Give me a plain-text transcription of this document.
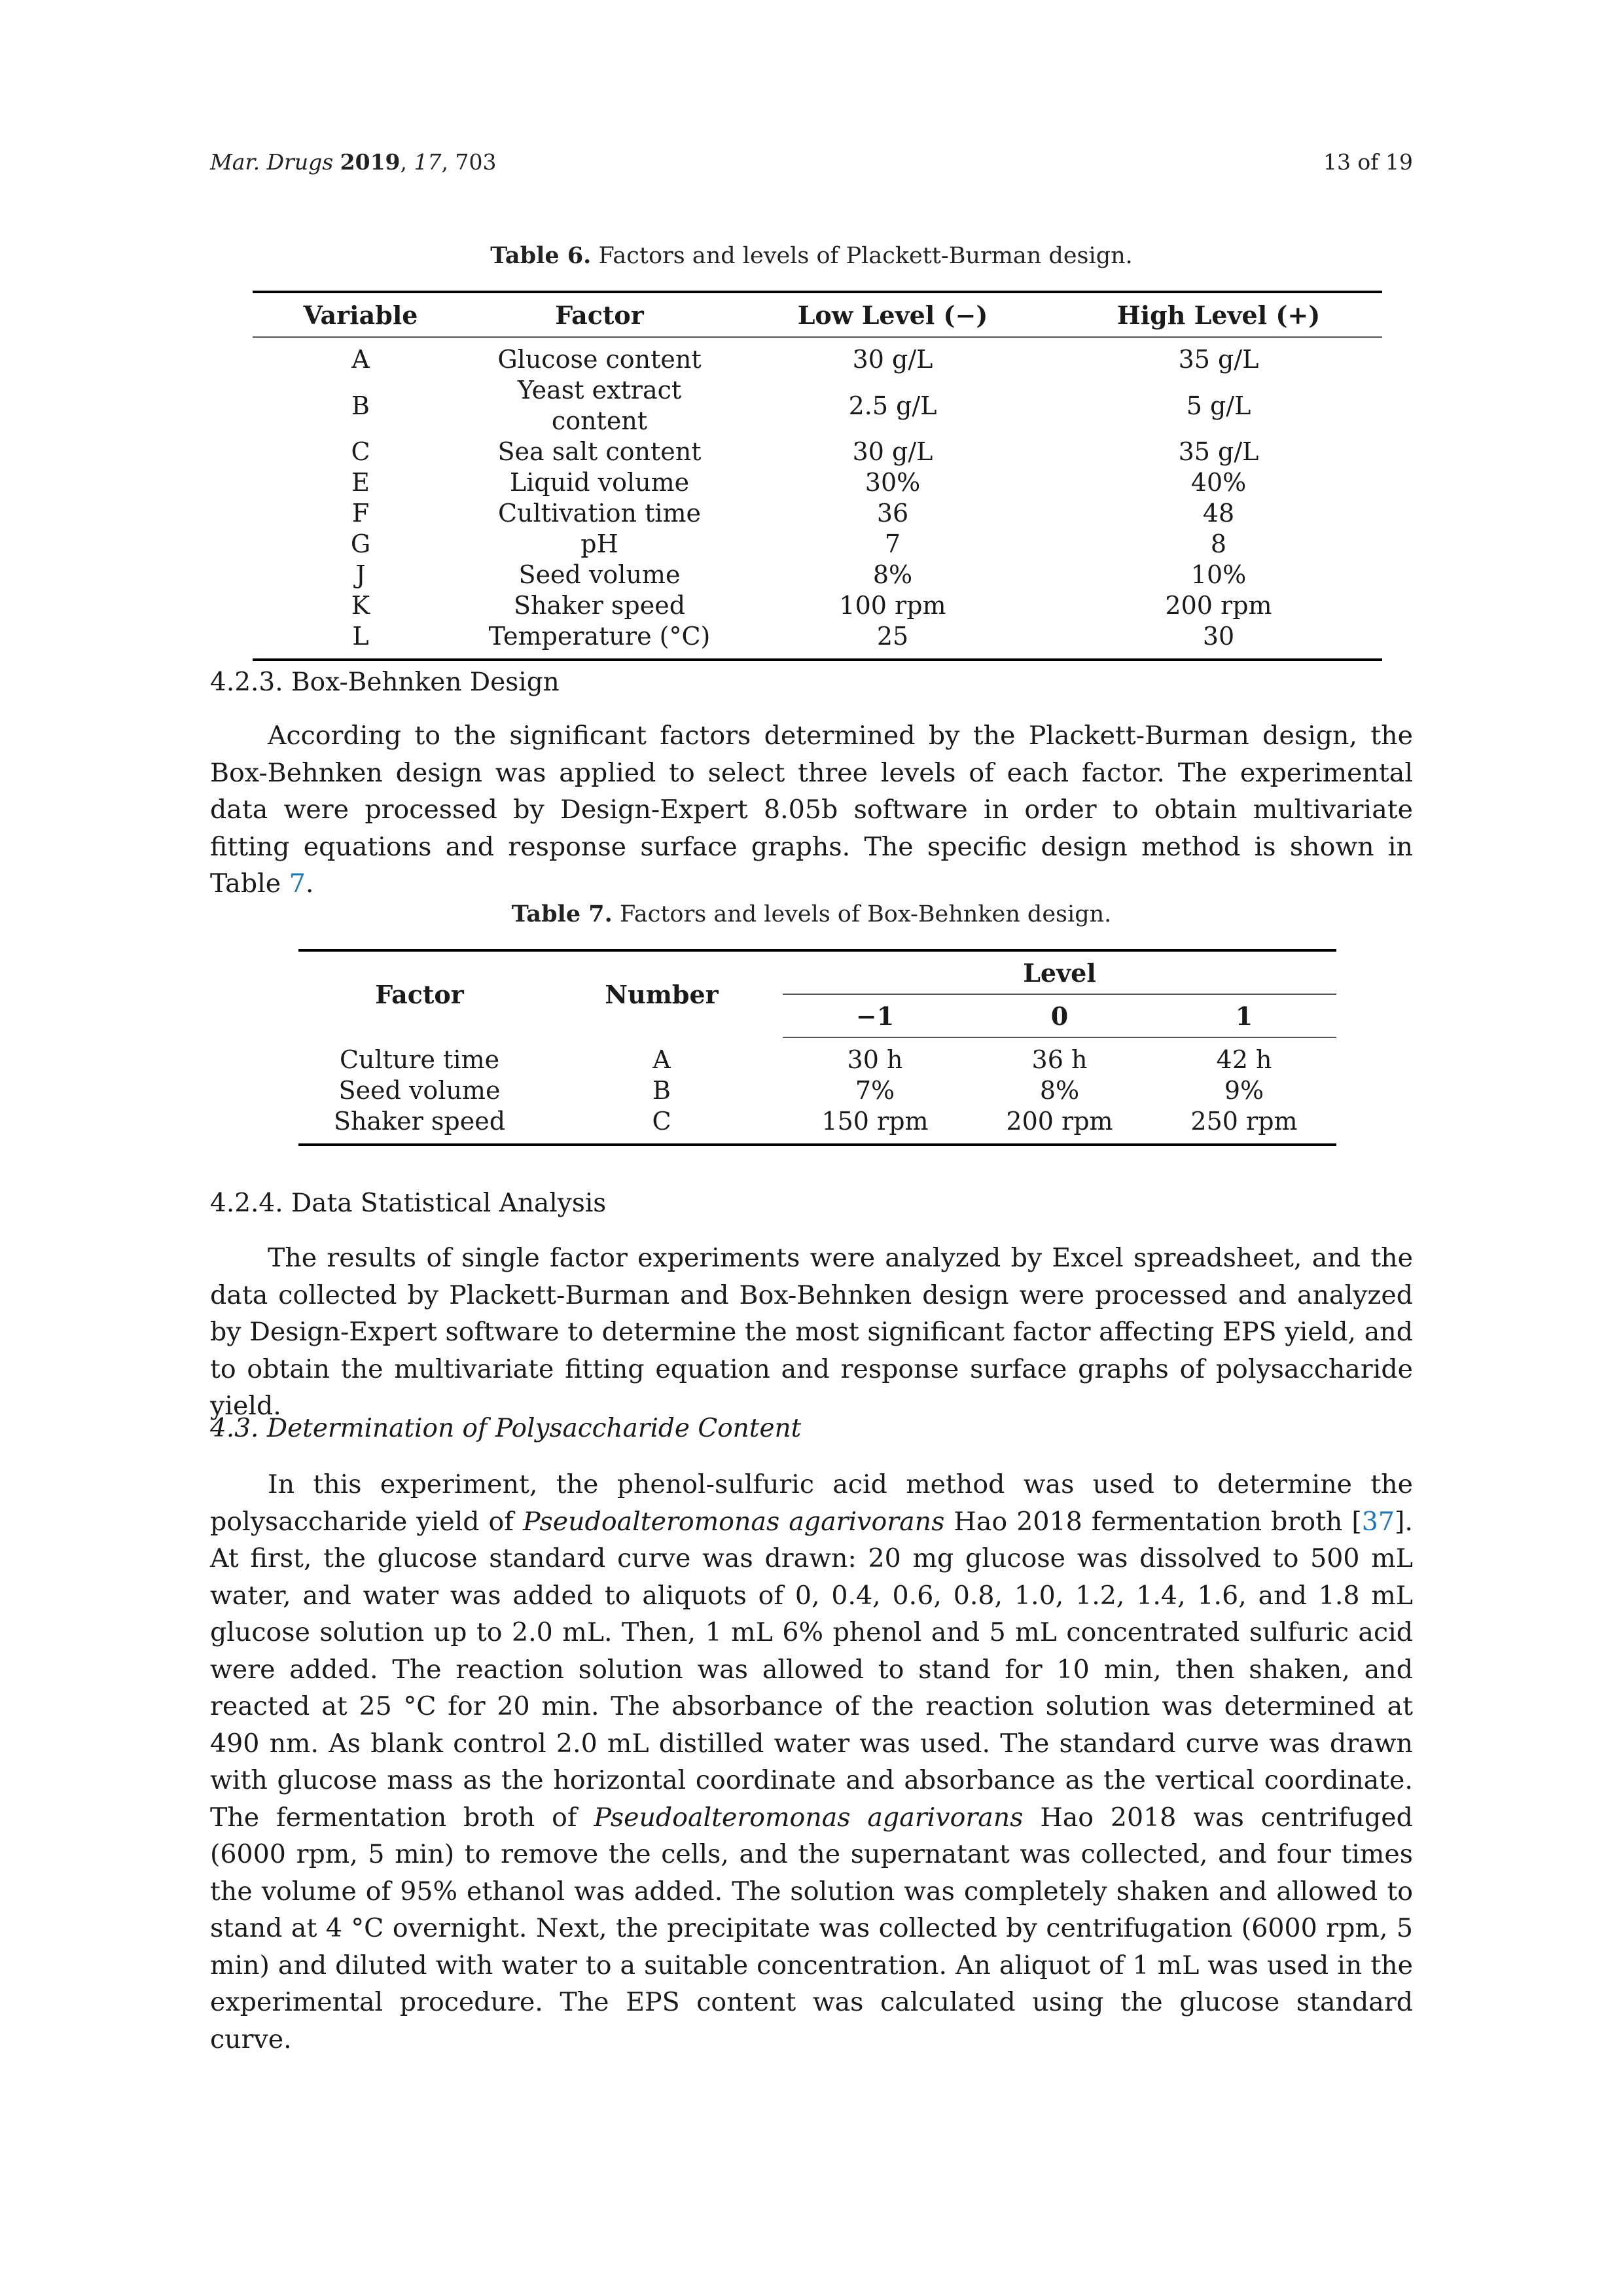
Mar. Drugs 2019, 17, 703	13 of 19
Table 6. Factors and levels of Plackett-Burman design.
Variable	Factor	Low Level (−)	High Level (+)
A	Glucose content	30 g/L	35 g/L
B	Yeast extract content	2.5 g/L	5 g/L
C	Sea salt content	30 g/L	35 g/L
E	Liquid volume	30%	40%
F	Cultivation time	36	48
G	pH	7	8
J	Seed volume	8%	10%
K	Shaker speed	100 rpm	200 rpm
L	Temperature (°C)	25	30
4.2.3. Box-Behnken Design
According to the significant factors determined by the Plackett-Burman design, the Box-Behnken design was applied to select three levels of each factor. The experimental data were processed by Design-Expert 8.05b software in order to obtain multivariate fitting equations and response surface graphs. The specific design method is shown in Table 7.
Table 7. Factors and levels of Box-Behnken design.
Factor	Number	Level		
		−1	0	1
Culture time	A	30 h	36 h	42 h
Seed volume	B	7%	8%	9%
Shaker speed	C	150 rpm	200 rpm	250 rpm
4.2.4. Data Statistical Analysis
The results of single factor experiments were analyzed by Excel spreadsheet, and the data collected by Plackett-Burman and Box-Behnken design were processed and analyzed by Design-Expert software to determine the most significant factor affecting EPS yield, and to obtain the multivariate fitting equation and response surface graphs of polysaccharide yield.
4.3. Determination of Polysaccharide Content
In this experiment, the phenol-sulfuric acid method was used to determine the polysaccharide yield of Pseudoalteromonas agarivorans Hao 2018 fermentation broth [37]. At first, the glucose standard curve was drawn: 20 mg glucose was dissolved to 500 mL water, and water was added to aliquots of 0, 0.4, 0.6, 0.8, 1.0, 1.2, 1.4, 1.6, and 1.8 mL glucose solution up to 2.0 mL. Then, 1 mL 6% phenol and 5 mL concentrated sulfuric acid were added. The reaction solution was allowed to stand for 10 min, then shaken, and reacted at 25 °C for 20 min. The absorbance of the reaction solution was determined at 490 nm. As blank control 2.0 mL distilled water was used. The standard curve was drawn with glucose mass as the horizontal coordinate and absorbance as the vertical coordinate. The fermentation broth of Pseudoalteromonas agarivorans Hao 2018 was centrifuged (6000 rpm, 5 min) to remove the cells, and the supernatant was collected, and four times the volume of 95% ethanol was added. The solution was completely shaken and allowed to stand at 4 °C overnight. Next, the precipitate was collected by centrifugation (6000 rpm, 5 min) and diluted with water to a suitable concentration. An aliquot of 1 mL was used in the experimental procedure. The EPS content was calculated using the glucose standard curve.
